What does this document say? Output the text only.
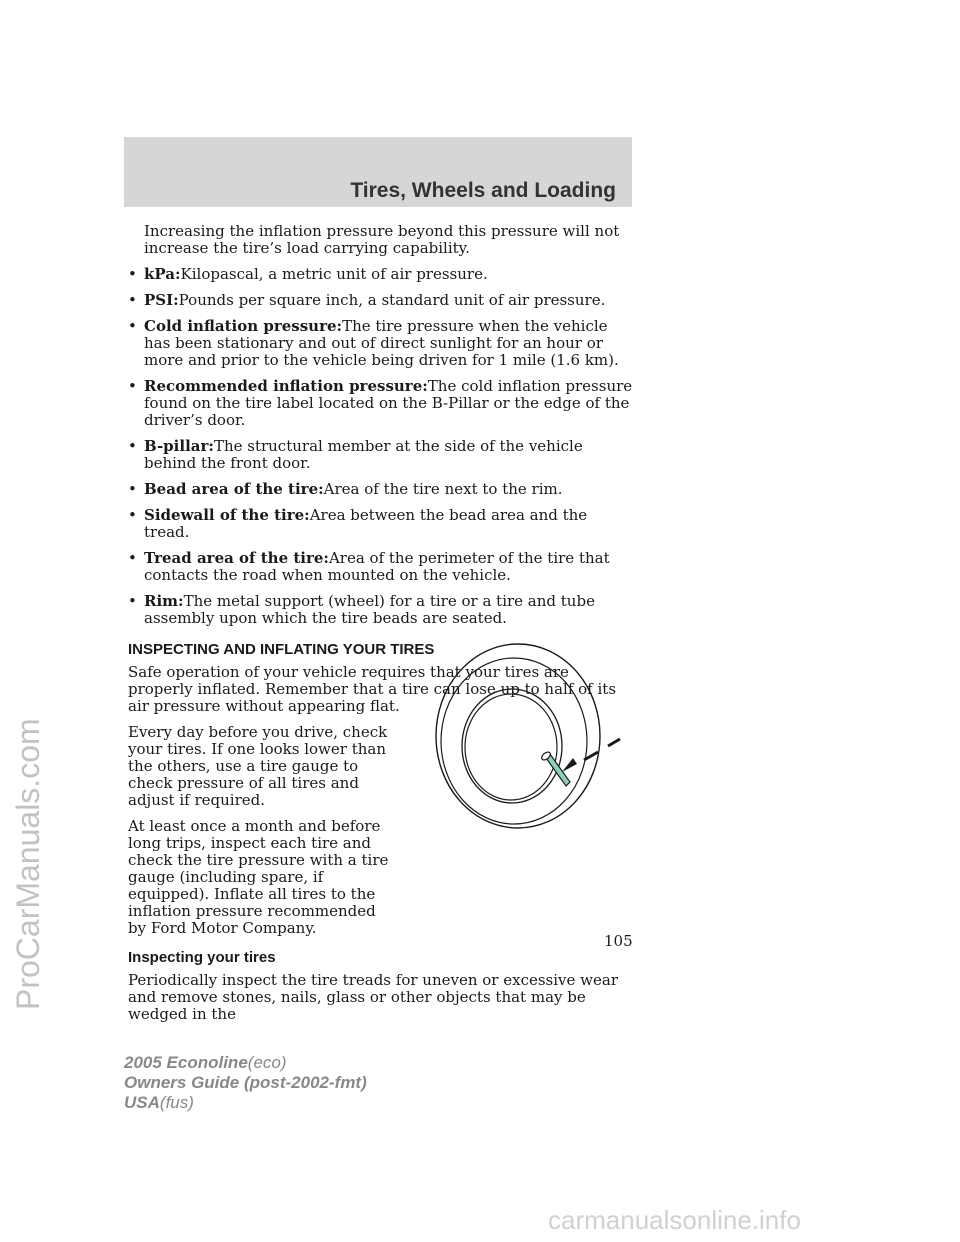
Tires, Wheels and Loading

Increasing the inflation pressure beyond this pressure will not increase the tire’s load carrying capability.

• kPa:Kilopascal, a metric unit of air pressure.
• PSI:Pounds per square inch, a standard unit of air pressure.
• Cold inflation pressure:The tire pressure when the vehicle has been stationary and out of direct sunlight for an hour or more and prior to the vehicle being driven for 1 mile (1.6 km).
• Recommended inflation pressure:The cold inflation pressure found on the tire label located on the B-Pillar or the edge of the driver’s door.
• B-pillar:The structural member at the side of the vehicle behind the front door.
• Bead area of the tire:Area of the tire next to the rim.
• Sidewall of the tire:Area between the bead area and the tread.
• Tread area of the tire:Area of the perimeter of the tire that contacts the road when mounted on the vehicle.
• Rim:The metal support (wheel) for a tire or a tire and tube assembly upon which the tire beads are seated.
INSPECTING AND INFLATING YOUR TIRES

Safe operation of your vehicle requires that your tires are properly inflated. Remember that a tire can lose up to half of its air pressure without appearing flat.

Every day before you drive, check your tires. If one looks lower than the others, use a tire gauge to check pressure of all tires and adjust if required.

At least once a month and before long trips, inspect each tire and check the tire pressure with a tire gauge (including spare, if equipped). Inflate all tires to the inflation pressure recommended by Ford Motor Company.

Inspecting your tires

Periodically inspect the tire treads for uneven or excessive wear and remove stones, nails, glass or other objects that may be wedged in the

105
2005 Econoline(eco)
Owners Guide (post-2002-fmt)
USA(fus)
ProCarManuals.com
carmanualsonline.info
